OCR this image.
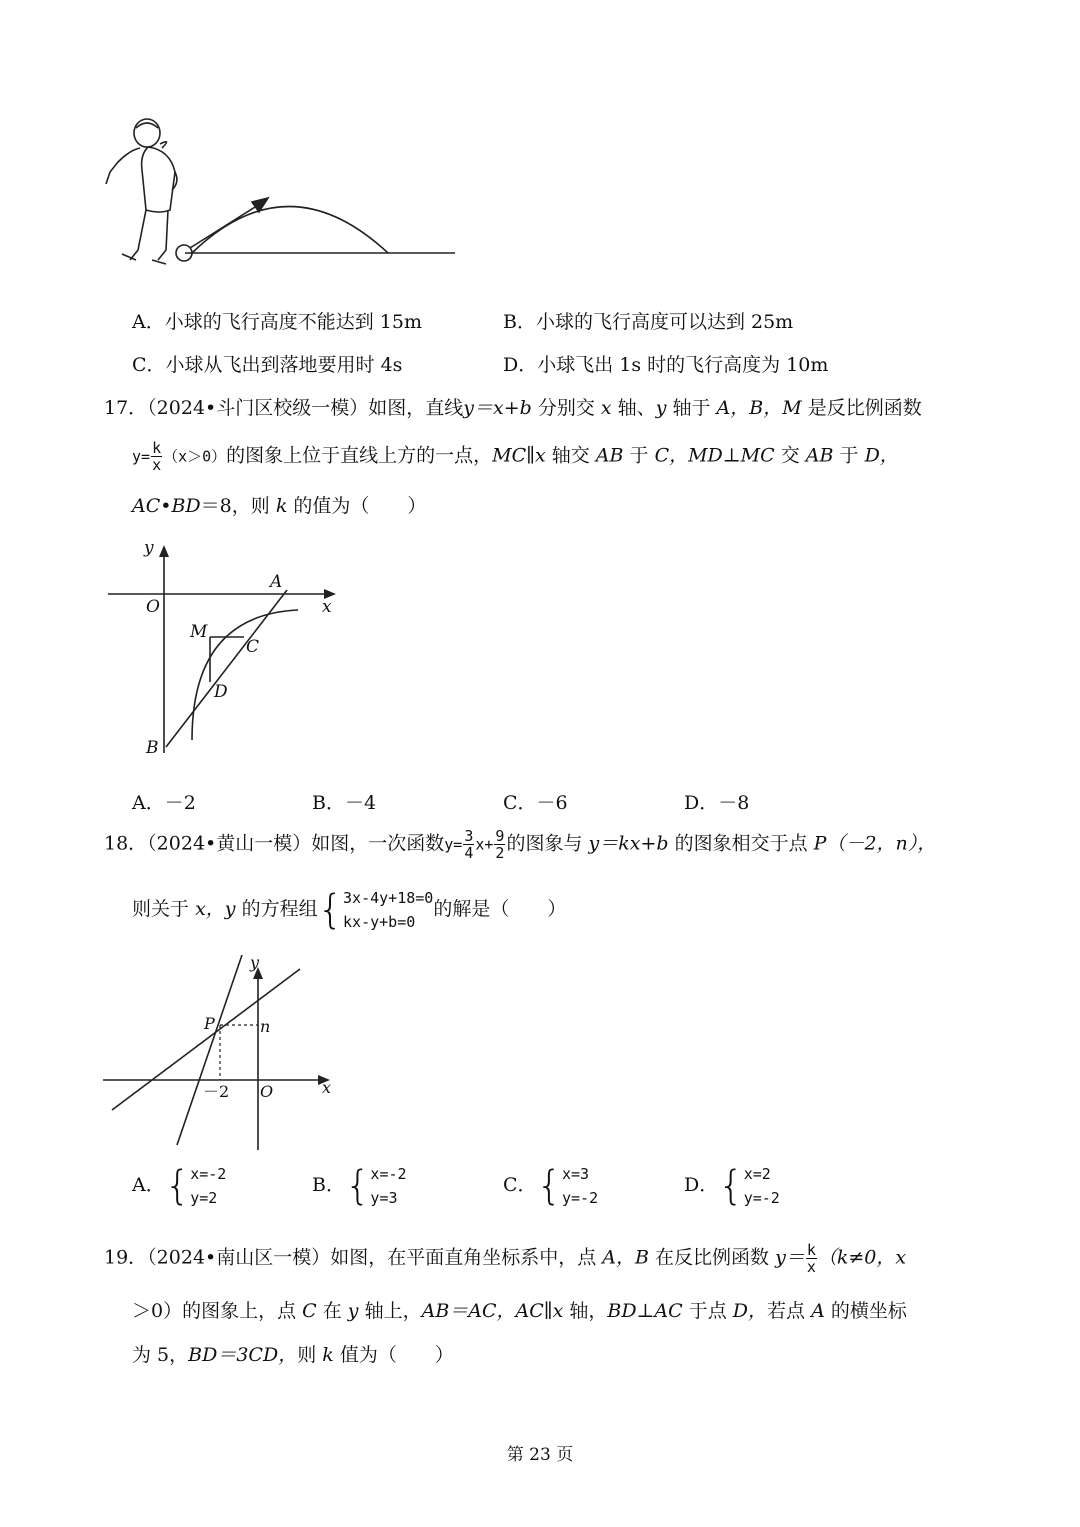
A．小球的飞行高度不能达到 15m	B．小球的飞行高度可以达到 25m
C．小球从飞出到落地要用时 4s	D．小球飞出 1s 时的飞行高度为 10m
17．（2024•斗门区校级一模）如图，直线y＝x+b 分别交 x 轴、y 轴于 A，B，M 是反比例函数
$y= \frac{k}{x} (x>0)$的图象上位于直线上方的一点，MC∥x 轴交 AB 于 C，MD⊥MC 交 AB 于 D，
AC•BD＝8，则 k 的值为（　　）
y
x
O
A
M
C
D
B
A．－2	B．－4	C．－6	D．－8
18．（2024•黄山一模）如图，一次函数$y= \frac{3}{4} x+ \frac{9}{2}$ 的图象与 y＝kx+b 的图象相交于点 P（－2，n），
则关于 x，y 的方程组{ 3x-4y+18=0
kx-y+b=0
的解是（　　）
y
x
O
P	n
－2
A．{ x=-2
y=2
B．{ x=-2
y=3
C．{ x=3
y=-2
D．{ x=2
y=-2
19．（2024•南山区一模）如图，在平面直角坐标系中，点 A，B 在反比例函数 $y= \frac{k}{x} (k\ne 0$，x
＞0）的图象上，点 C 在 y 轴上，AB＝AC，AC∥x 轴，BD⊥AC 于点 D，若点 A 的横坐标
为 5，BD＝3CD，则 k 值为（　　）
第 23 页
